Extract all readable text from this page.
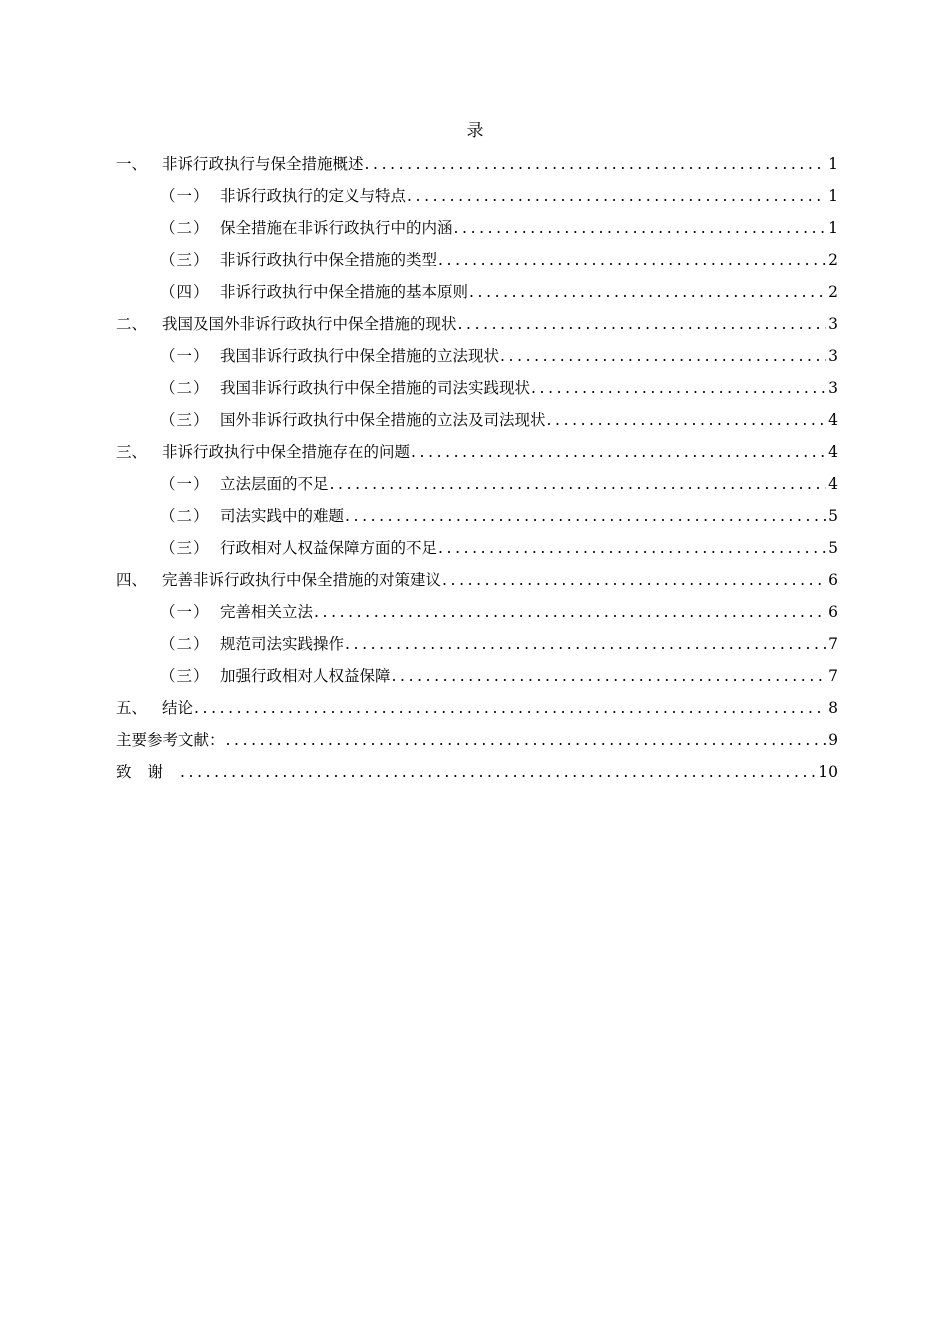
录
一、 非诉行政执行与保全措施概述 .....	1
（一） 非诉行政执行的定义与特点 .....	1
（二） 保全措施在非诉行政执行中的内涵 .....	1
（三） 非诉行政执行中保全措施的类型 .....	2
（四） 非诉行政执行中保全措施的基本原则 .....	2
二、 我国及国外非诉行政执行中保全措施的现状 .....	3
（一） 我国非诉行政执行中保全措施的立法现状 .....	3
（二） 我国非诉行政执行中保全措施的司法实践现状 .....	3
（三） 国外非诉行政执行中保全措施的立法及司法现状 .....	4
三、 非诉行政执行中保全措施存在的问题 .....	4
（一） 立法层面的不足 .....	4
（二） 司法实践中的难题 .....	5
（三） 行政相对人权益保障方面的不足 .....	5
四、 完善非诉行政执行中保全措施的对策建议 .....	6
（一） 完善相关立法 .....	6
（二） 规范司法实践操作 .....	7
（三） 加强行政相对人权益保障 .....	7
五、 结论 .....	8
主要参考文献： .....	9
致谢 .....	10
